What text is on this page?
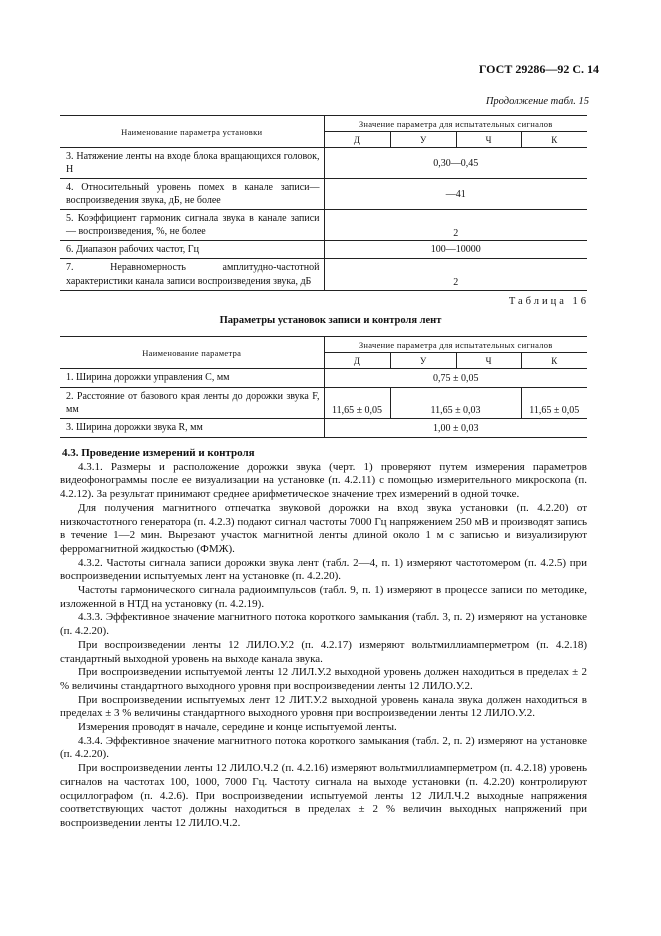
ГОСТ 29286—92 С. 14
Продолжение табл. 15
Наименование параметра установки	Значение параметра для испытательных сигналов			
	Д	У	Ч	К
3. Натяжение ленты на входе блока вращающихся головок, Н	0,30—0,45			
4. Относительный уровень помех в канале записи—воспроизведения звука, дБ, не более	—41			
5. Коэффициент гармоник сигнала звука в канале записи — воспроизведения, %, не более	2			
6. Диапазон рабочих частот, Гц	100—10000			
7. Неравномерность амплитудно-частотной характеристики канала записи воспроизведения звука, дБ	2			
Таблица 16
Параметры установок записи и контроля лент
Наименование параметра	Значение параметра для испытательных сигналов			
	Д	У	Ч	К
1. Ширина дорожки управления С, мм	0,75 ± 0,05			
2. Расстояние от базового края ленты до дорожки звука F, мм	11,65 ± 0,05	11,65 ± 0,03		11,65 ± 0,05
3. Ширина дорожки звука R, мм	1,00 ± 0,03			

4.3. Проведение измерений и контроля

4.3.1. Размеры и расположение дорожки звука (черт. 1) проверяют путем измерения параметров видеофонограммы после ее визуализации на установке (п. 4.2.11) с помощью измерительного микроскопа (п. 4.2.12). За результат принимают среднее арифметическое значение трех измерений в одной точке.

Для получения магнитного отпечатка звуковой дорожки на вход звука установки (п. 4.2.20) от низкочастотного генератора (п. 4.2.3) подают сигнал частоты 7000 Гц напряжением 250 мВ и производят запись в течение 1—2 мин. Вырезают участок магнитной ленты длиной около 1 м с записью и визуализируют ферромагнитной жидкостью (ФМЖ).

4.3.2. Частоты сигнала записи дорожки звука лент (табл. 2—4, п. 1) измеряют частотомером (п. 4.2.5) при воспроизведении испытуемых лент на установке (п. 4.2.20).

Частоты гармонического сигнала радиоимпульсов (табл. 9, п. 1) измеряют в процессе записи по методике, изложенной в НТД на установку (п. 4.2.19).

4.3.3. Эффективное значение магнитного потока короткого замыкания (табл. 3, п. 2) измеряют на установке (п. 4.2.20).

При воспроизведении ленты 12 ЛИЛО.У.2 (п. 4.2.17) измеряют вольтмиллиамперметром (п. 4.2.18) стандартный выходной уровень на выходе канала звука.

При воспроизведении испытуемой ленты 12 ЛИЛ.У.2 выходной уровень должен находиться в пределах ± 2 % величины стандартного выходного уровня при воспроизведении ленты 12 ЛИЛО.У.2.

При воспроизведении испытуемых лент 12 ЛИТ.У.2 выходной уровень канала звука должен находиться в пределах ± 3 % величины стандартного выходного уровня при воспроизведении ленты 12 ЛИЛО.У.2.

Измерения проводят в начале, середине и конце испытуемой ленты.

4.3.4. Эффективное значение магнитного потока короткого замыкания (табл. 2, п. 2) измеряют на установке (п. 4.2.20).

При воспроизведении ленты 12 ЛИЛО.Ч.2 (п. 4.2.16) измеряют вольтмиллиамперметром (п. 4.2.18) уровень сигналов на частотах 100, 1000, 7000 Гц. Частоту сигнала на выходе установки (п. 4.2.20) контролируют осциллографом (п. 4.2.6). При воспроизведении испытуемой ленты 12 ЛИЛ.Ч.2 выходные напряжения соответствующих частот должны находиться в пределах ± 2 % величин выходных напряжений при воспроизведении ленты 12 ЛИЛО.Ч.2.
